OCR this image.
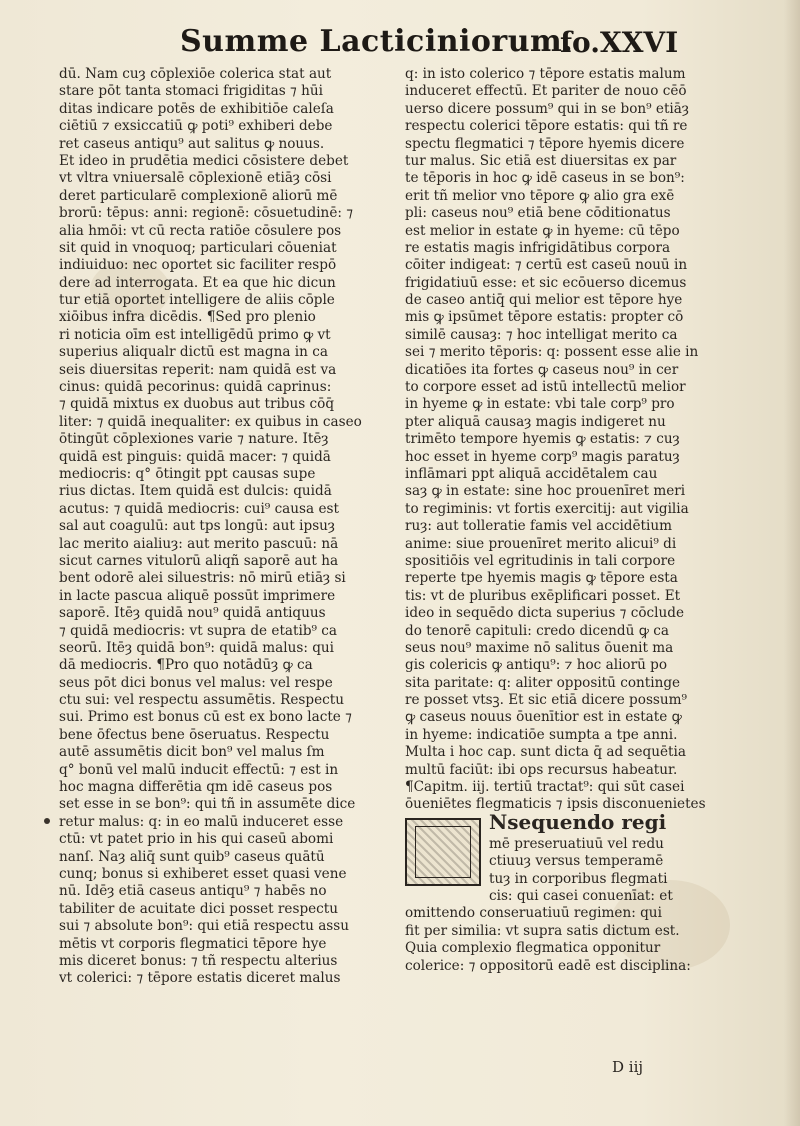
Summe Lacticiniorum.
fo.XXVI
dū. Nam cuȝ cōplexiōe colerica stat aut
stare pōt tanta stomaci frigiditas ⁊ hūi
ditas indicare potēs de exhibitiōe caleſa
ciētiū ⁊ exsiccatiū ꝙ poti⁹ exhiberi debe
ret caseus antiqu⁹ aut salitus ꝙ nouus.
Et ideo in prudētia medici cōsistere debet
vt vltra vniuersalē cōplexionē etiāȝ cōsi
deret particularē complexionē aliorū mē
brorū: tēpus: anni: regionē: cōsuetudinē: ⁊
alia hmōi: vt cū recta ratiōe cōsulere pos
sit quid in vnoquoq; particulari cōueniat
indiuiduo: nec oportet sic faciliter respō
dere ad interrogata. Et ea que hic dicun
tur etiā oportet intelligere de aliis cōple
xiōibus infra dicēdis. ¶Sed pro plenio
ri noticia oīm est intelligēdū primo ꝙ vt
superius aliqualr dictū est magna in ca
seis diuersitas reperit: nam quidā est va
cinus: quidā pecorinus: quidā caprinus:
⁊ quidā mixtus ex duobus aut tribus cōq̄
liter: ⁊ quidā inequaliter: ex quibus in caseo
ōtingūt cōplexiones varie ⁊ nature. Itēȝ
quidā est pinguis: quidā macer: ⁊ quidā
mediocris: q° ōtingit ppt causas supe
rius dictas. Item quidā est dulcis: quidā
acutus: ⁊ quidā mediocris: cui⁹ causa est
sal aut coagulū: aut tps longū: aut ipsuȝ
lac merito aialiuȝ: aut merito pascuū: nā
sicut carnes vitulorū aliqñ saporē aut ha
bent odorē alei siluestris: nō mirū etiāȝ si
in lacte pascua aliquē possūt imprimere
saporē. Itēȝ quidā nou⁹ quidā antiquus
⁊ quidā mediocris: vt supra de etatib⁹ ca
seorū. Itēȝ quidā bon⁹: quidā malus: qui
dā mediocris. ¶Pro quo notādūȝ ꝙ ca
seus pōt dici bonus vel malus: vel respe
ctu sui: vel respectu assumētis. Respectu
sui. Primo est bonus cū est ex bono lacte ⁊
bene ōfectus bene ōseruatus. Respectu
autē assumētis dicit bon⁹ vel malus ſm
q° bonū vel malū inducit effectū: ⁊ est in
hoc magna differētia qm idē caseus pos
set esse in se bon⁹: qui tñ in assumēte dice
retur malus: q: in eo malū induceret esse
ctū: vt patet prio in his qui caseū abomi
nanſ. Naȝ aliq̄ sunt quib⁹ caseus quātū
cunq; bonus si exhiberet esset quasi vene
nū. Idēȝ etiā caseus antiqu⁹ ⁊ habēs no
tabiliter de acuitate dici posset respectu
sui ⁊ absolute bon⁹: qui etiā respectu assu
mētis vt corporis flegmatici tēpore hye
mis diceret bonus: ⁊ tñ respectu alterius
vt colerici: ⁊ tēpore estatis diceret malus
q: in isto colerico ⁊ tēpore estatis malum
induceret effectū. Et pariter de nouo cēō
uerso dicere possum⁹ qui in se bon⁹ etiāȝ
respectu colerici tēpore estatis: qui tñ re
spectu flegmatici ⁊ tēpore hyemis dicere
tur malus. Sic etiā est diuersitas ex par
te tēporis in hoc ꝙ idē caseus in se bon⁹:
erit tñ melior vno tēpore ꝙ alio gra exē
pli: caseus nou⁹ etiā bene cōditionatus
est melior in estate ꝙ in hyeme: cū tēpo
re estatis magis infrigidātibus corpora
cōiter indigeat: ⁊ certū est caseū nouū in
frigidatiuū esse: et sic ecōuerso dicemus
de caseo antiq̄ qui melior est tēpore hye
mis ꝙ ipsūmet tēpore estatis: propter cō
similē causaȝ: ⁊ hoc intelligat merito ca
sei ⁊ merito tēporis: q: possent esse alie in
dicatiōes ita fortes ꝙ caseus nou⁹ in cer
to corpore esset ad istū intellectū melior
in hyeme ꝙ in estate: vbi tale corp⁹ pro
pter aliquā causaȝ magis indigeret nu
trimēto tempore hyemis ꝙ estatis: ⁊ cuȝ
hoc esset in hyeme corp⁹ magis paratuȝ
inflāmari ppt aliquā accidētalem cau
saȝ ꝙ in estate: sine hoc prouenīret meri
to regiminis: vt fortis exercitij: aut vigilia
ruȝ: aut tolleratie famis vel accidētium
anime: siue prouenīret merito alicui⁹ di
spositiōis vel egritudinis in tali corpore
reperte tpe hyemis magis ꝙ tēpore esta
tis: vt de pluribus exēplificari posset. Et
ideo in sequēdo dicta superius ⁊ cōclude
do tenorē capituli: credo dicendū ꝙ ca
seus nou⁹ maxime nō salitus ōuenit ma
gis colericis ꝙ antiqu⁹: ⁊ hoc aliorū po
sita paritate: q: aliter oppositū continge
re posset vtsꝫ. Et sic etiā dicere possum⁹
ꝙ caseus nouus ōuenītior est in estate ꝙ
in hyeme: indicatiōe sumpta a tpe anni.
Multa i hoc cap. sunt dicta q̄ ad sequētia
multū faciūt: ibi ops recursus habeatur.
¶Capitm. iij. tertiū tractat⁹: qui sūt casei
ōueniētes flegmaticis ⁊ ipsis disconuenietes
Nsequendo regi
mē preseruatiuū vel redu
ctiuuȝ versus temperamē
tuȝ in corporibus flegmati
cis: qui casei conuenīat: et
omittendo conseruatiuū regimen: qui
fit per similia: vt supra satis dictum est.
Quia complexio flegmatica opponitur
colerice: ⁊ oppositorū eadē est disciplina:
D iij
